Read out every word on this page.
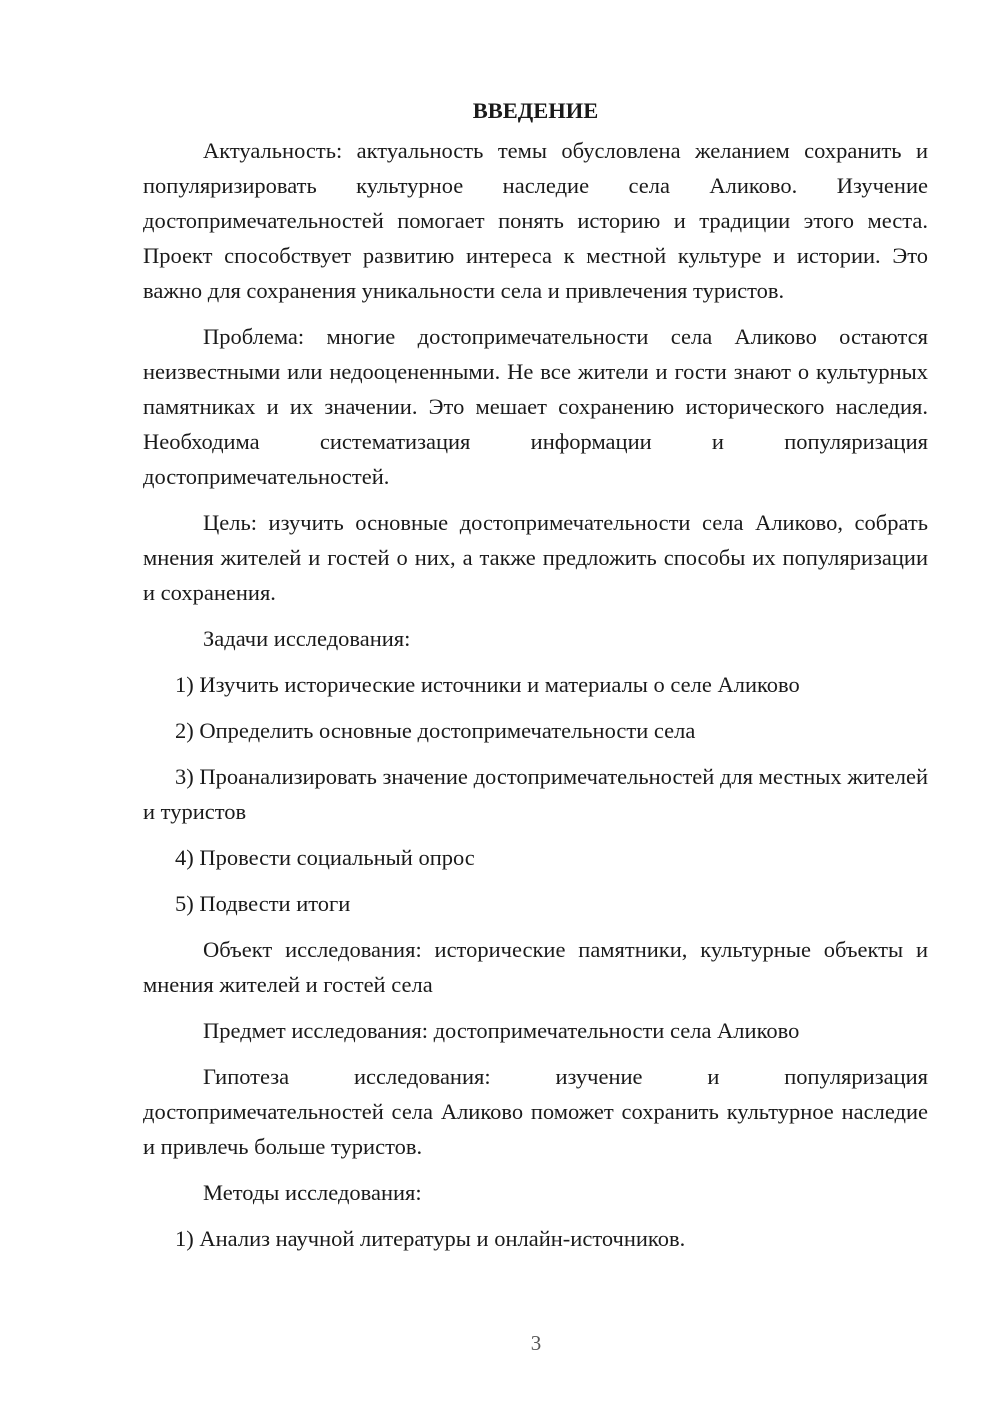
ВВЕДЕНИЕ
Актуальность: актуальность темы обусловлена желанием сохранить и популяризировать культурное наследие села Аликово. Изучение достопримечательностей помогает понять историю и традиции этого места. Проект способствует развитию интереса к местной культуре и истории. Это важно для сохранения уникальности села и привлечения туристов.
Проблема: многие достопримечательности села Аликово остаются неизвестными или недооцененными. Не все жители и гости знают о культурных памятниках и их значении. Это мешает сохранению исторического наследия. Необходима систематизация информации и популяризация достопримечательностей.
Цель: изучить основные достопримечательности села Аликово, собрать мнения жителей и гостей о них, а также предложить способы их популяризации и сохранения.
Задачи исследования:
1) Изучить исторические источники и материалы о селе Аликово
2) Определить основные достопримечательности села
3) Проанализировать значение достопримечательностей для местных жителей и туристов
4) Провести социальный опрос
5) Подвести итоги
Объект исследования: исторические памятники, культурные объекты и мнения жителей и гостей села
Предмет исследования: достопримечательности села Аликово
Гипотеза исследования: изучение и популяризация достопримечательностей села Аликово поможет сохранить культурное наследие и привлечь больше туристов.
Методы исследования:
1) Анализ научной литературы и онлайн-источников.
3
